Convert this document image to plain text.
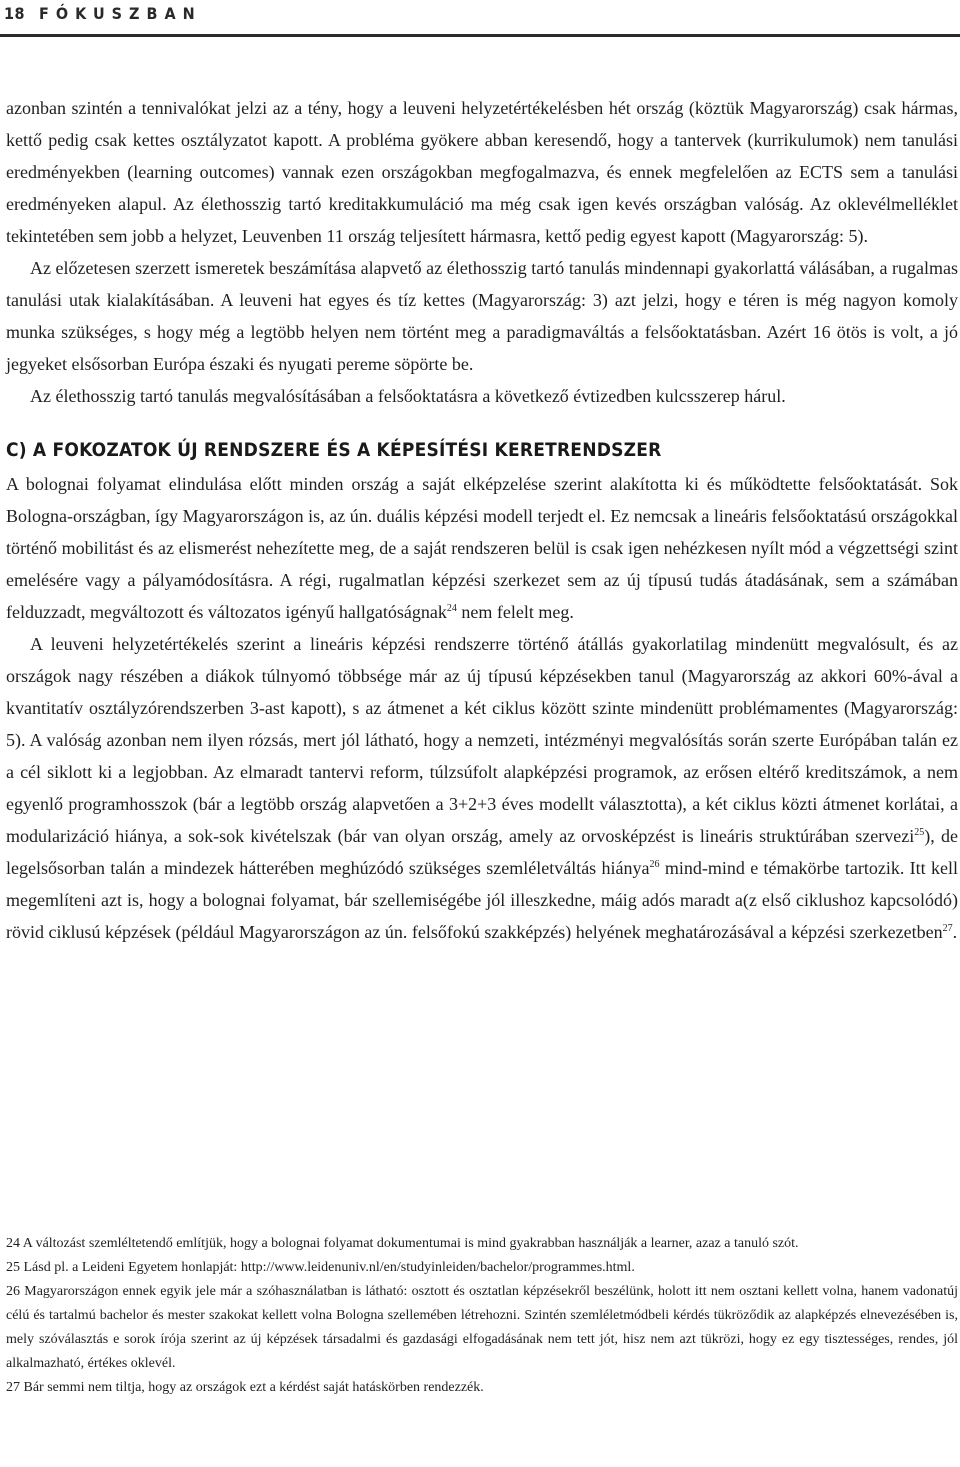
18 FÓKUSZBAN

azonban szintén a tennivalókat jelzi az a tény, hogy a leuveni helyzetértékelésben hét ország (köztük Magyarország) csak hármas, kettő pedig csak kettes osztályzatot kapott. A probléma gyökere abban keresendő, hogy a tantervek (kurrikulumok) nem tanulási eredményekben (learning outcomes) vannak ezen országokban megfogalmazva, és ennek megfelelően az ECTS sem a tanulási eredményeken alapul. Az élethosszig tartó kreditakkumuláció ma még csak igen kevés országban valóság. Az oklevélmelléklet tekintetében sem jobb a helyzet, Leuvenben 11 ország teljesített hármasra, kettő pedig egyest kapott (Magyarország: 5).

Az előzetesen szerzett ismeretek beszámítása alapvető az élethosszig tartó tanulás mindennapi gyakorlattá válásában, a rugalmas tanulási utak kialakításában. A leuveni hat egyes és tíz kettes (Magyarország: 3) azt jelzi, hogy e téren is még nagyon komoly munka szükséges, s hogy még a legtöbb helyen nem történt meg a paradigmaváltás a felsőoktatásban. Azért 16 ötös is volt, a jó jegyeket elsősorban Európa északi és nyugati pereme söpörte be.

Az élethosszig tartó tanulás megvalósításában a felsőoktatásra a következő évtizedben kulcsszerep hárul.

C) A FOKOZATOK ÚJ RENDSZERE ÉS A KÉPESÍTÉSI KERETRENDSZER

A bolognai folyamat elindulása előtt minden ország a saját elképzelése szerint alakította ki és működtette felsőoktatását. Sok Bologna-országban, így Magyarországon is, az ún. duális képzési modell terjedt el. Ez nemcsak a lineáris felsőoktatású országokkal történő mobilitást és az elismerést nehezítette meg, de a saját rendszeren belül is csak igen nehézkesen nyílt mód a végzettségi szint emelésére vagy a pályamódosításra. A régi, rugalmatlan képzési szerkezet sem az új típusú tudás átadásának, sem a számában felduzzadt, megváltozott és változatos igényű hallgatóságnak$^{24}$ nem felelt meg.

A leuveni helyzetértékelés szerint a lineáris képzési rendszerre történő átállás gyakorlatilag mindenütt megvalósult, és az országok nagy részében a diákok túlnyomó többsége már az új típusú képzésekben tanul (Magyarország az akkori 60%-ával a kvantitatív osztályzórendszerben 3-ast kapott), s az átmenet a két ciklus között szinte mindenütt problémamentes (Magyarország: 5). A valóság azonban nem ilyen rózsás, mert jól látható, hogy a nemzeti, intézményi megvalósítás során szerte Európában talán ez a cél siklott ki a legjobban. Az elmaradt tantervi reform, túlzsúfolt alapképzési programok, az erősen eltérő kreditszámok, a nem egyenlő programhosszok (bár a legtöbb ország alapvetően a 3+2+3 éves modellt választotta), a két ciklus közti átmenet korlátai, a modularizáció hiánya, a sok-sok kivételszak (bár van olyan ország, amely az orvosképzést is lineáris struktúrában szervezi$^{25}$), de legelsősorban talán a mindezek hátterében meghúzódó szükséges szemléletváltás hiánya$^{26}$ mind-mind e témakörbe tartozik. Itt kell megemlíteni azt is, hogy a bolognai folyamat, bár szellemiségébe jól illeszkedne, máig adós maradt a(z első ciklushoz kapcsolódó) rövid ciklusú képzések (például Magyarországon az ún. felsőfokú szakképzés) helyének meghatározásával a képzési szerkezetben$^{27}$.

24 A változást szemléltetendő említjük, hogy a bolognai folyamat dokumentumai is mind gyakrabban használják a learner, azaz a tanuló szót.

25 Lásd pl. a Leideni Egyetem honlapját: http://www.leidenuniv.nl/en/studyinleiden/bachelor/programmes.html.

26 Magyarországon ennek egyik jele már a szóhasználatban is látható: osztott és osztatlan képzésekről beszélünk, holott itt nem osztani kellett volna, hanem vadonatúj célú és tartalmú bachelor és mester szakokat kellett volna Bologna szellemében létrehozni. Szintén szemléletmódbeli kérdés tükröződik az alapképzés elnevezésében is, mely szóválasztás e sorok írója szerint az új képzések társadalmi és gazdasági elfogadásának nem tett jót, hisz nem azt tükrözi, hogy ez egy tisztességes, rendes, jól alkalmazható, értékes oklevél.

27 Bár semmi nem tiltja, hogy az országok ezt a kérdést saját hatáskörben rendezzék.
